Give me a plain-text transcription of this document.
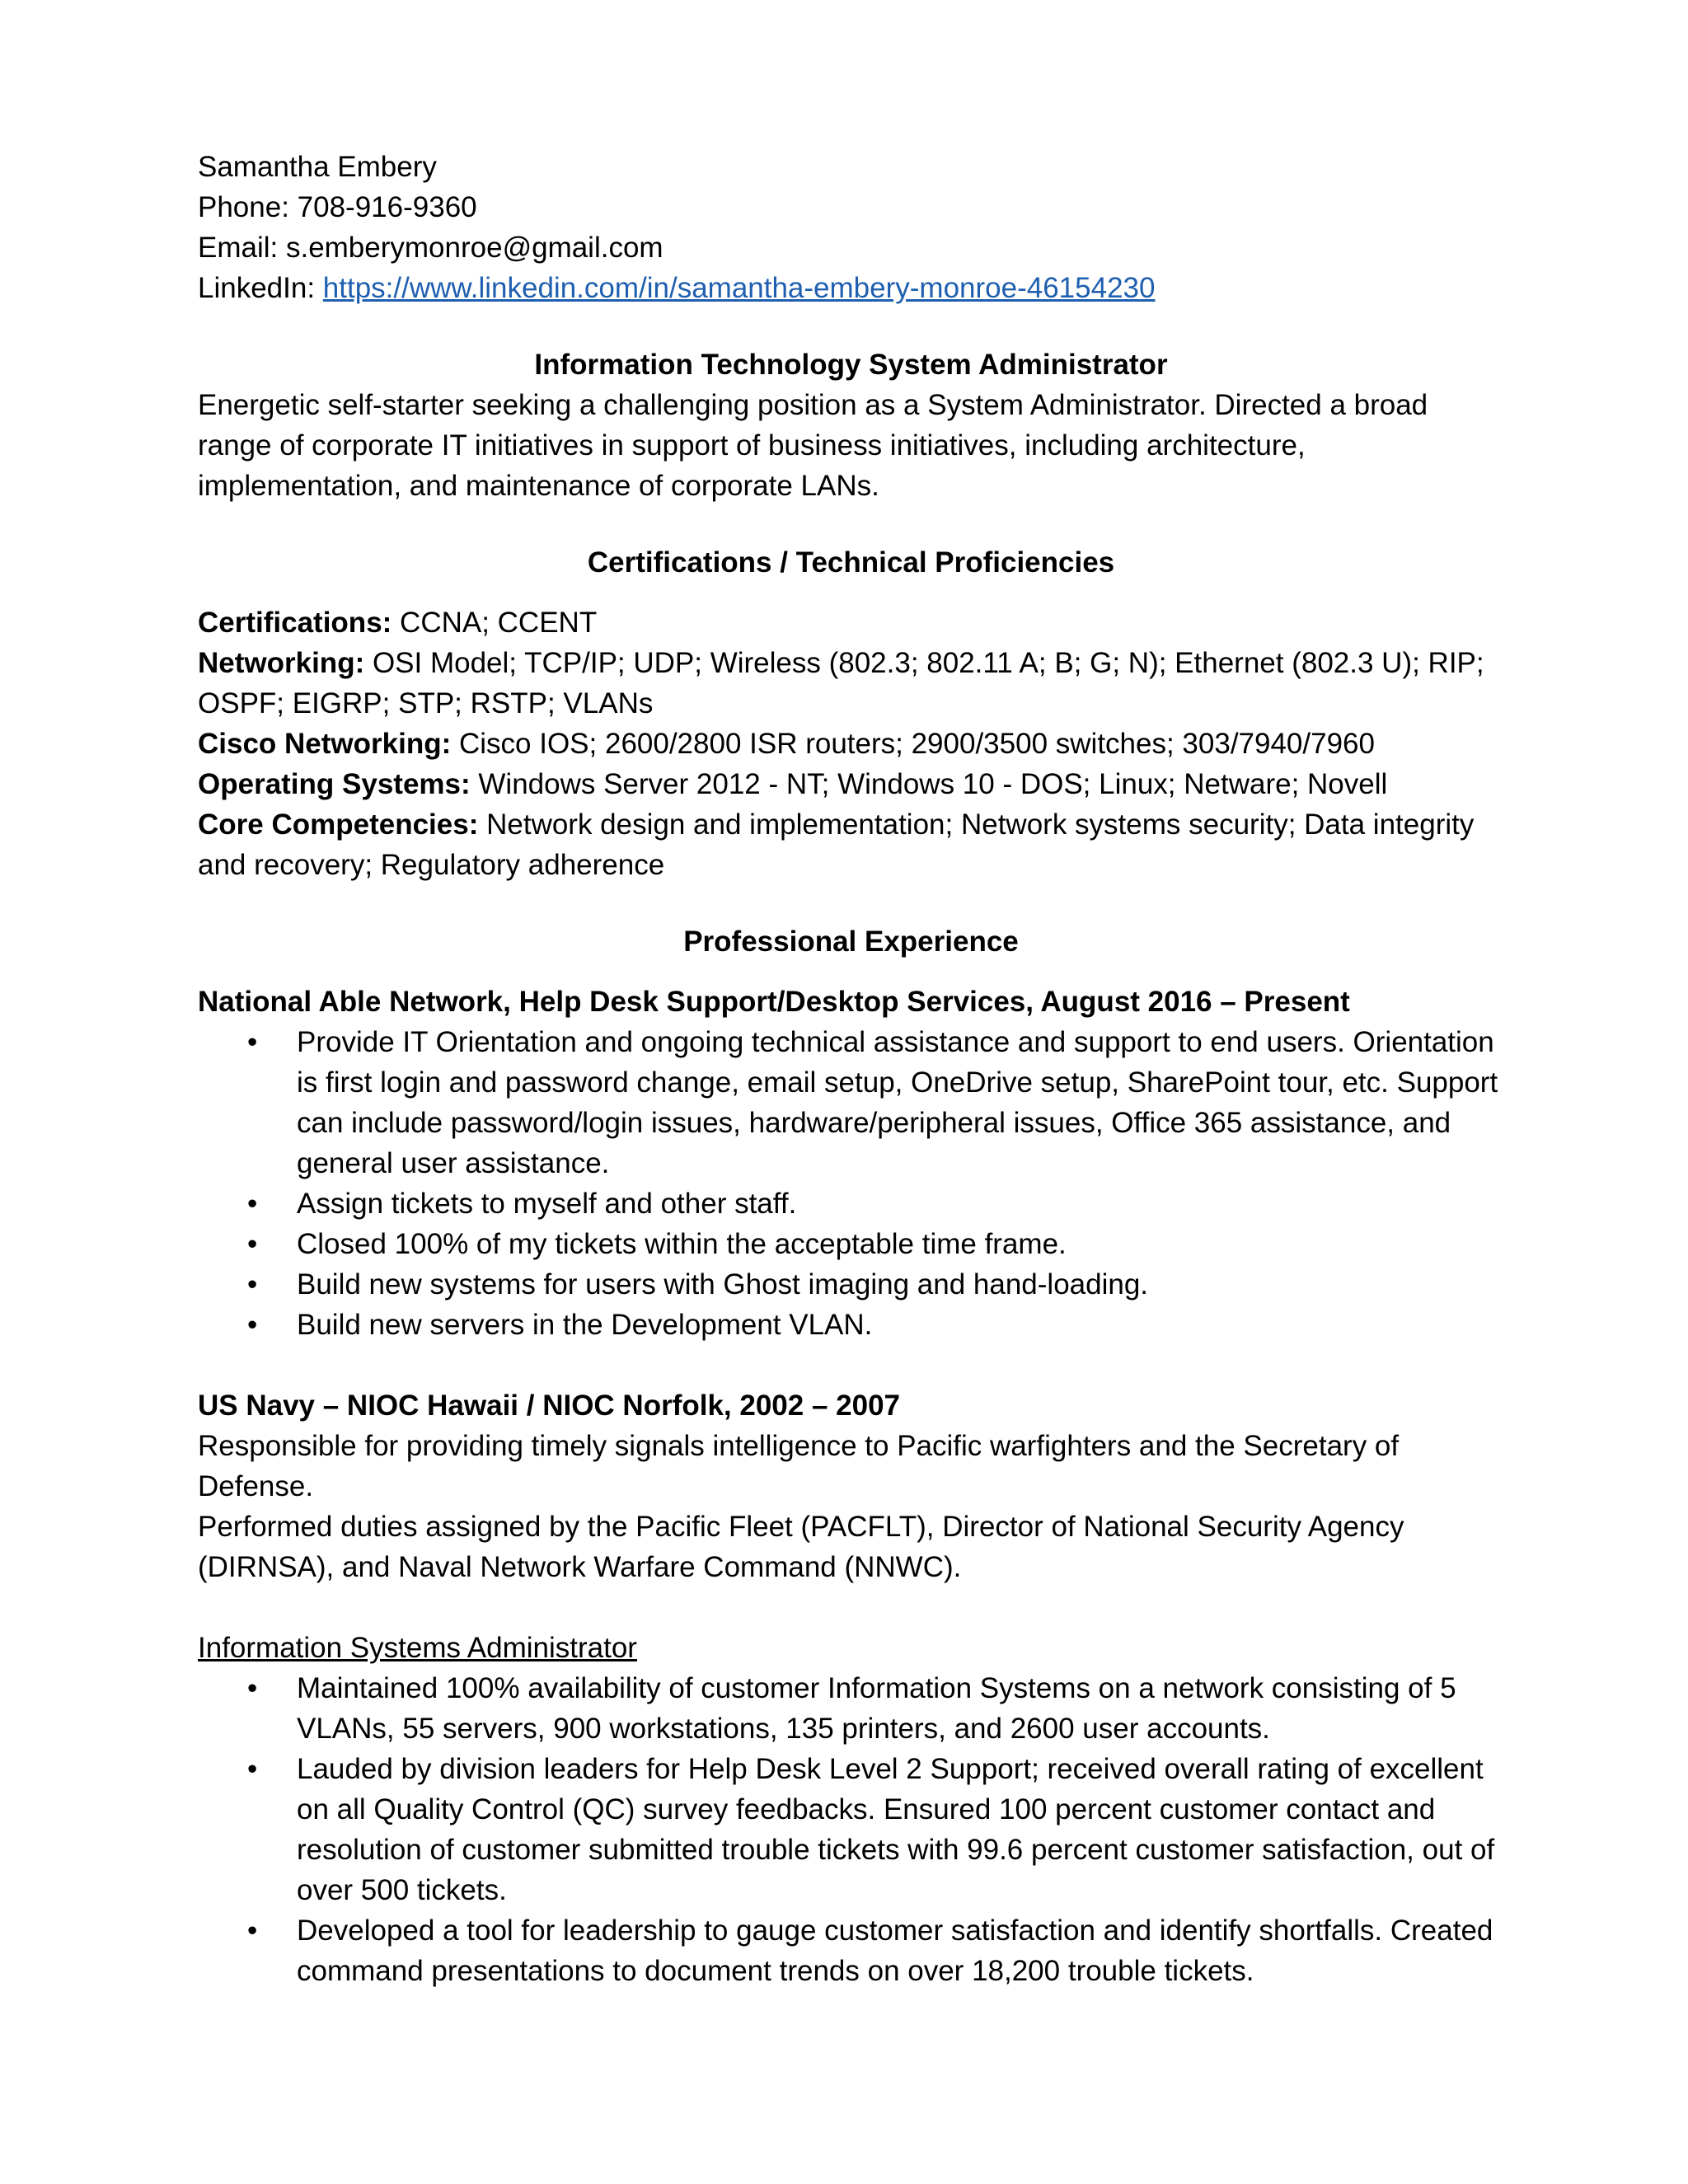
Samantha Embery
Phone: 708-916-9360
Email: s.emberymonroe@gmail.com
LinkedIn: https://www.linkedin.com/in/samantha-embery-monroe-46154230

Information Technology System Administrator

Energetic self-starter seeking a challenging position as a System Administrator. Directed a broad range of corporate IT initiatives in support of business initiatives, including architecture, implementation, and maintenance of corporate LANs.

Certifications / Technical Proficiencies

Certifications: CCNA; CCENT

Networking: OSI Model; TCP/IP; UDP; Wireless (802.3; 802.11 A; B; G; N); Ethernet (802.3 U); RIP; OSPF; EIGRP; STP; RSTP; VLANs

Cisco Networking: Cisco IOS; 2600/2800 ISR routers; 2900/3500 switches; 303/7940/7960

Operating Systems: Windows Server 2012 - NT; Windows 10 - DOS; Linux; Netware; Novell

Core Competencies: Network design and implementation; Network systems security; Data integrity and recovery; Regulatory adherence

Professional Experience

National Able Network, Help Desk Support/Desktop Services, August 2016 – Present

• Provide IT Orientation and ongoing technical assistance and support to end users. Orientation is first login and password change, email setup, OneDrive setup, SharePoint tour, etc. Support can include password/login issues, hardware/peripheral issues, Office 365 assistance, and general user assistance.
• Assign tickets to myself and other staff.
• Closed 100% of my tickets within the acceptable time frame.
• Build new systems for users with Ghost imaging and hand-loading.
• Build new servers in the Development VLAN.

US Navy – NIOC Hawaii / NIOC Norfolk, 2002 – 2007

Responsible for providing timely signals intelligence to Pacific warfighters and the Secretary of Defense.

Performed duties assigned by the Pacific Fleet (PACFLT), Director of National Security Agency (DIRNSA), and Naval Network Warfare Command (NNWC).

Information Systems Administrator

• Maintained 100% availability of customer Information Systems on a network consisting of 5 VLANs, 55 servers, 900 workstations, 135 printers, and 2600 user accounts.
• Lauded by division leaders for Help Desk Level 2 Support; received overall rating of excellent on all Quality Control (QC) survey feedbacks. Ensured 100 percent customer contact and resolution of customer submitted trouble tickets with 99.6 percent customer satisfaction, out of over 500 tickets.
• Developed a tool for leadership to gauge customer satisfaction and identify shortfalls. Created command presentations to document trends on over 18,200 trouble tickets.
